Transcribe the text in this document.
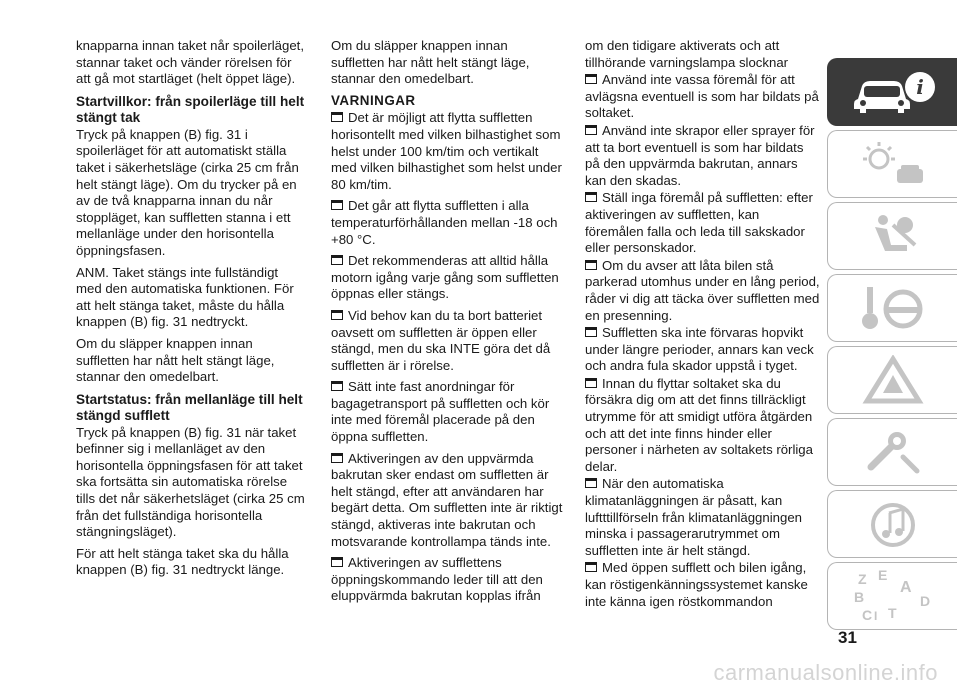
knapparna innan taket når spoilerläget, stannar taket och vänder rörelsen för att gå mot startläget (helt öppet läge).

Startvillkor: från spoilerläge till helt stängt tak

Tryck på knappen (B) fig. 31 i spoilerläget för att automatiskt ställa taket i säkerhetsläge (cirka 25 cm från helt stängt läge). Om du trycker på en av de två knapparna innan du når stoppläget, kan suffletten stanna i ett mellanläge under den horisontella öppningsfasen.

ANM. Taket stängs inte fullständigt med den automatiska funktionen. För att helt stänga taket, måste du hålla knappen (B) fig. 31 nedtryckt.

Om du släpper knappen innan suffletten har nått helt stängt läge, stannar den omedelbart.

Startstatus: från mellanläge till helt stängd sufflett

Tryck på knappen (B) fig. 31 när taket befinner sig i mellanläget av den horisontella öppningsfasen för att taket ska fortsätta sin automatiska rörelse tills det når säkerhetsläget (cirka 25 cm från det fullständiga horisontella stängningsläget).

För att helt stänga taket ska du hålla knappen (B) fig. 31 nedtryckt länge.

Om du släpper knappen innan suffletten har nått helt stängt läge, stannar den omedelbart.

VARNINGAR

Det är möjligt att flytta suffletten horisontellt med vilken bilhastighet som helst under 100 km/tim och vertikalt med vilken bilhastighet som helst under 80 km/tim.

Det går att flytta suffletten i alla temperaturförhållanden mellan -18 och +80 °C.

Det rekommenderas att alltid hålla motorn igång varje gång som suffletten öppnas eller stängs.

Vid behov kan du ta bort batteriet oavsett om suffletten är öppen eller stängd, men du ska INTE göra det då suffletten är i rörelse.

Sätt inte fast anordningar för bagagetransport på suffletten och kör inte med föremål placerade på den öppna suffletten.

Aktiveringen av den uppvärmda bakrutan sker endast om suffletten är helt stängd, efter att användaren har begärt detta. Om suffletten inte är riktigt stängd, aktiveras inte bakrutan och motsvarande kontrollampa tänds inte.

Aktiveringen av sufflettens öppningskommando leder till att den eluppvärmda bakrutan kopplas ifrån

om den tidigare aktiverats och att tillhörande varningslampa slocknar

Använd inte vassa föremål för att avlägsna eventuell is som har bildats på soltaket.

Använd inte skrapor eller sprayer för att ta bort eventuell is som har bildats på den uppvärmda bakrutan, annars kan den skadas.

Ställ inga föremål på suffletten: efter aktiveringen av suffletten, kan föremålen falla och leda till sakskador eller personskador.

Om du avser att låta bilen stå parkerad utomhus under en lång period, råder vi dig att täcka över suffletten med en presenning.

Suffletten ska inte förvaras hopvikt under längre perioder, annars kan veck och andra fula skador uppstå i tyget.

Innan du flyttar soltaket ska du försäkra dig om att det finns tillräckligt utrymme för att smidigt utföra åtgärden och att det inte finns hinder eller personer i närheten av soltakets rörliga delar.

När den automatiska klimatanläggningen är påsatt, kan luftttillförseln från klimatanläggningen minska i passagerarutrymmet om suffletten inte är helt stängd.

Med öppen sufflett och bilen igång, kan röstigenkänningssystemet kanske inte känna igen röstkommandon

i
Z E
A
B	D
C T
I
31
carmanualsonline.info
